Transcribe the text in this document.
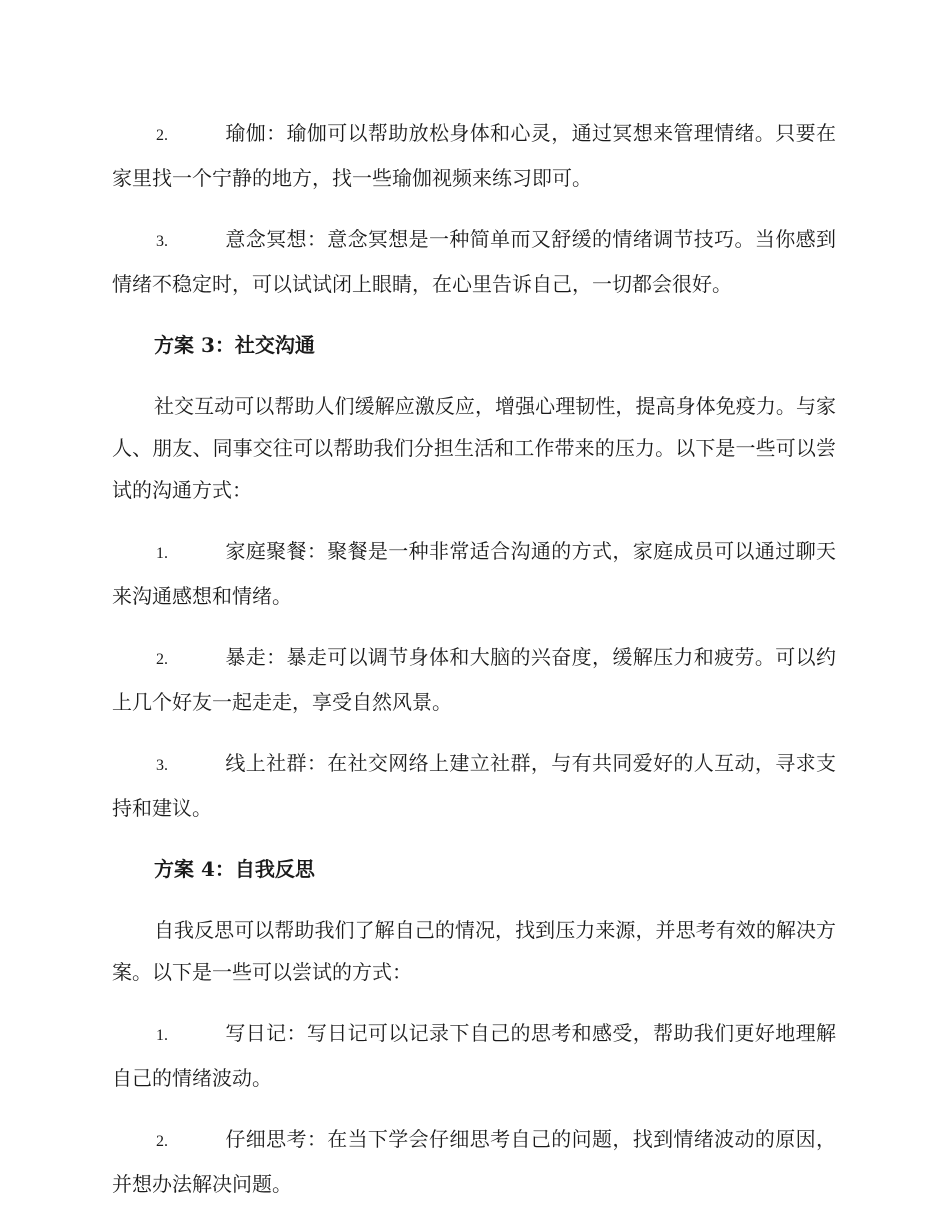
2.	瑜伽：瑜伽可以帮助放松身体和心灵，通过冥想来管理情绪。只要在家里找一个宁静的地方，找一些瑜伽视频来练习即可。

3.	意念冥想：意念冥想是一种简单而又舒缓的情绪调节技巧。当你感到情绪不稳定时，可以试试闭上眼睛，在心里告诉自己，一切都会很好。

方案 3：社交沟通

社交互动可以帮助人们缓解应激反应，增强心理韧性，提高身体免疫力。与家人、朋友、同事交往可以帮助我们分担生活和工作带来的压力。以下是一些可以尝试的沟通方式：

1.	家庭聚餐：聚餐是一种非常适合沟通的方式，家庭成员可以通过聊天来沟通感想和情绪。

2.	暴走：暴走可以调节身体和大脑的兴奋度，缓解压力和疲劳。可以约上几个好友一起走走，享受自然风景。

3.	线上社群：在社交网络上建立社群，与有共同爱好的人互动，寻求支持和建议。

方案 4：自我反思

自我反思可以帮助我们了解自己的情况，找到压力来源，并思考有效的解决方案。以下是一些可以尝试的方式：

1.	写日记：写日记可以记录下自己的思考和感受，帮助我们更好地理解自己的情绪波动。

2.	仔细思考：在当下学会仔细思考自己的问题，找到情绪波动的原因，并想办法解决问题。
